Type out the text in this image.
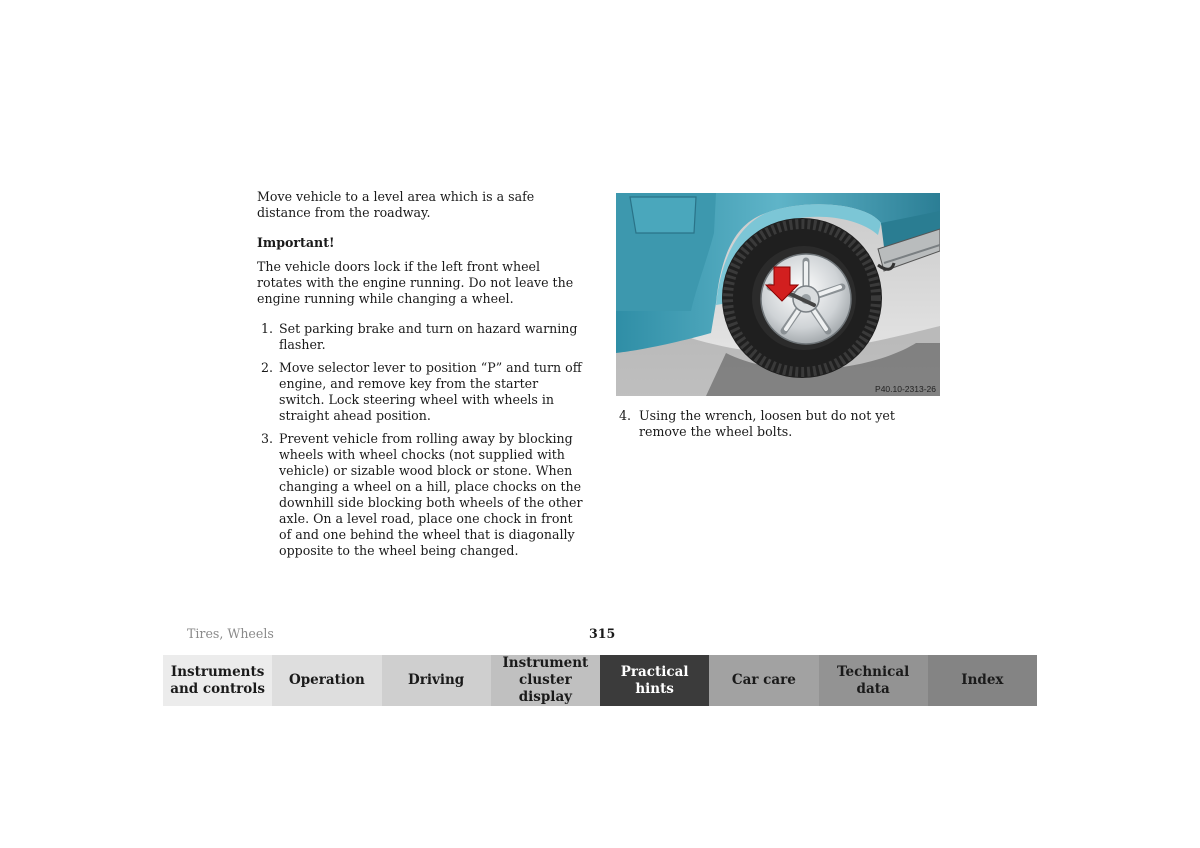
Move vehicle to a level area which is a safe distance from the roadway.

Important!

The vehicle doors lock if the left front wheel rotates with the engine running. Do not leave the engine running while changing a wheel.

1. Set parking brake and turn on hazard warning flasher.
2. Move selector lever to position “P” and turn off engine, and remove key from the starter switch. Lock steering wheel with wheels in straight ahead position.
3. Prevent vehicle from rolling away by blocking wheels with wheel chocks (not supplied with vehicle) or sizable wood block or stone. When changing a wheel on a hill, place chocks on the downhill side blocking both wheels of the other axle. On a level road, place one chock in front of and one behind the wheel that is diagonally opposite to the wheel being changed.
P40.10-2313-26
4. Using the wrench, loosen but do not yet remove the wheel bolts.
Tires, Wheels	315
Instruments
and controls
Operation	Driving
Instrument
cluster display
Practical hints
Car care
Technical
data
Index
